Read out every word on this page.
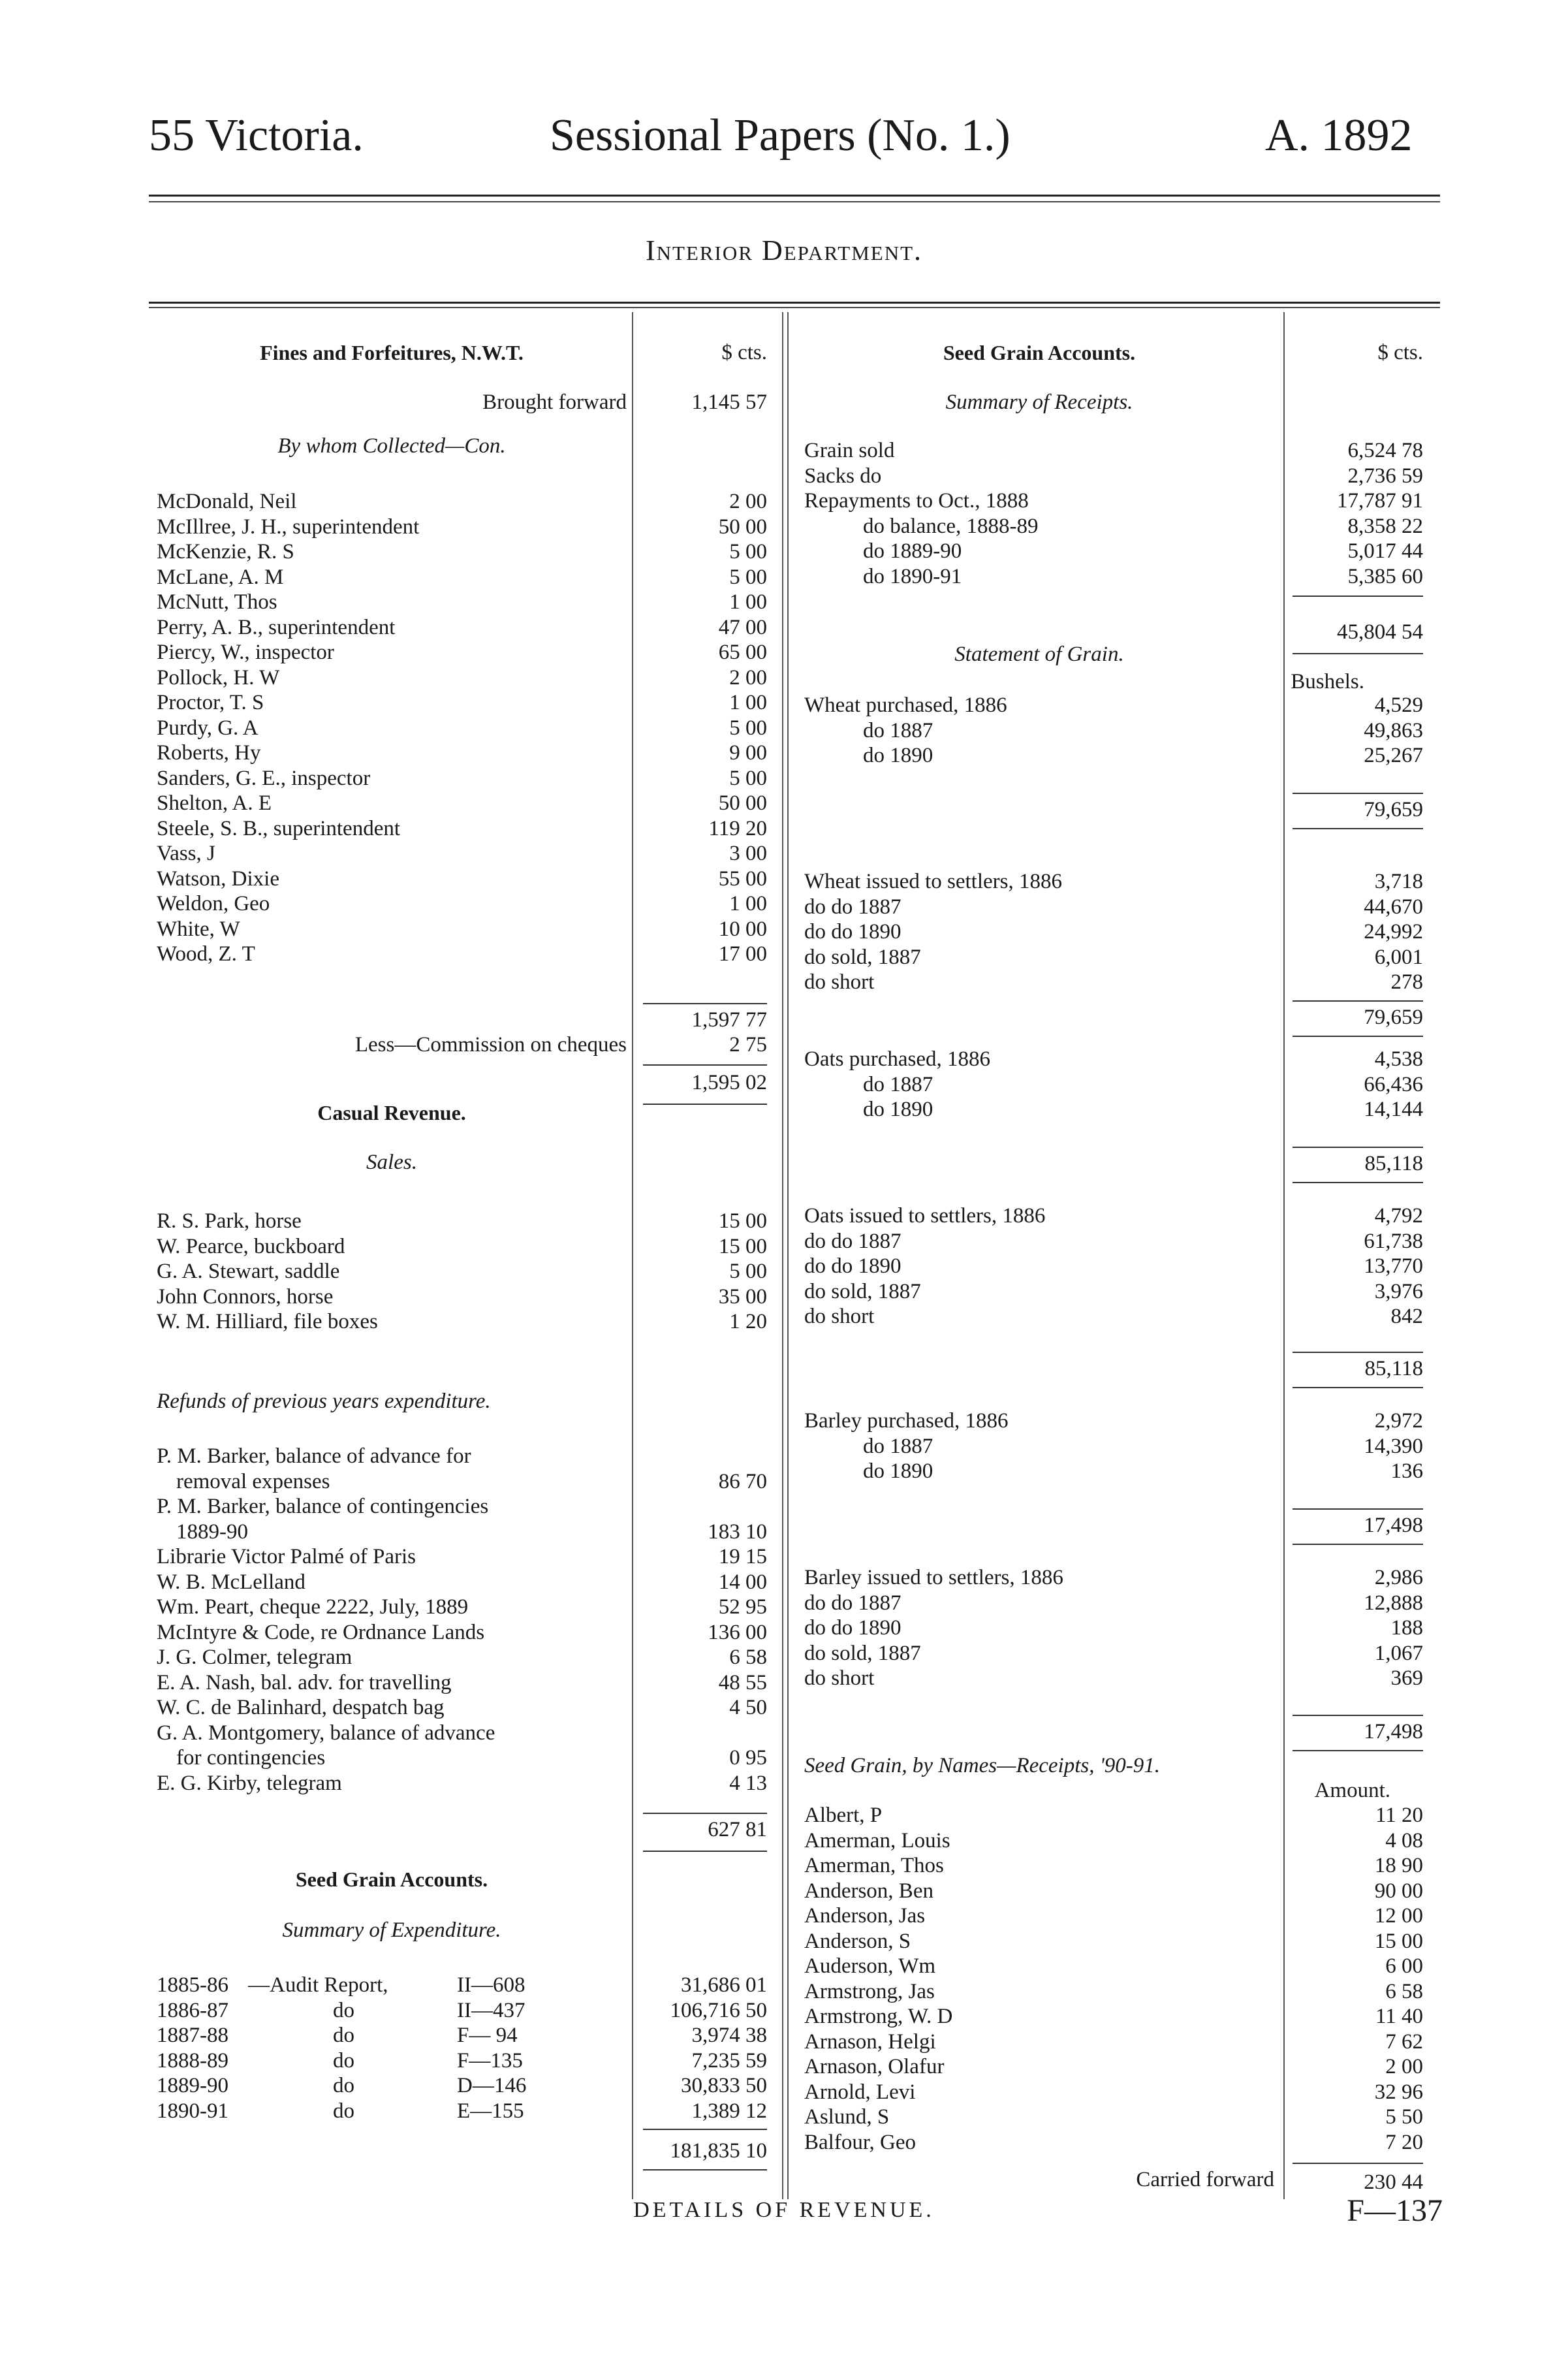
55 Victoria.	Sessional Papers (No. 1.)	A. 1892
Interior Department.
Fines and Forfeitures, N.W.T.	$ cts.
Brought forward	1,145 57
By whom Collected—Con.
McDonald, Neil	2 00
McIllree, J. H., superintendent	50 00
McKenzie, R. S	5 00
McLane, A. M	5 00
McNutt, Thos	1 00
Perry, A. B., superintendent	47 00
Piercy, W., inspector	65 00
Pollock, H. W	2 00
Proctor, T. S	1 00
Purdy, G. A	5 00
Roberts, Hy	9 00
Sanders, G. E., inspector	5 00
Shelton, A. E	50 00
Steele, S. B., superintendent	119 20
Vass, J	3 00
Watson, Dixie	55 00
Weldon, Geo	1 00
White, W	10 00
Wood, Z. T	17 00
1,597 77
Less—Commission on cheques	2 75
1,595 02
Casual Revenue.
Sales.
R. S. Park, horse	15 00
W. Pearce, buckboard	15 00
G. A. Stewart, saddle	5 00
John Connors, horse	35 00
W. M. Hilliard, file boxes	1 20
Refunds of previous years expenditure.
P. M. Barker, balance of advance for
removal expenses	86 70
P. M. Barker, balance of contingencies
1889-90	183 10
Librarie Victor Palmé of Paris	19 15
W. B. McLelland	14 00
Wm. Peart, cheque 2222, July, 1889	52 95
McIntyre & Code, re Ordnance Lands	136 00
J. G. Colmer, telegram	6 58
E. A. Nash, bal. adv. for travelling	48 55
W. C. de Balinhard, despatch bag	4 50
G. A. Montgomery, balance of advance
for contingencies	0 95
E. G. Kirby, telegram	4 13
627 81
Seed Grain Accounts.
Summary of Expenditure.
1885-86 —Audit Report,	II—608	31,686 01
1886-87	do	II—437	106,716 50
1887-88	do	F— 94	3,974 38
1888-89	do	F—135	7,235 59
1889-90	do	D—146	30,833 50
1890-91	do	E—155	1,389 12
181,835 10
Seed Grain Accounts.	$ cts.
Summary of Receipts.
Grain sold	6,524 78
Sacks do	2,736 59
Repayments to Oct., 1888	17,787 91
do balance, 1888-89	8,358 22
do 1889-90	5,017 44
do 1890-91	5,385 60
45,804 54
Statement of Grain.
Bushels.
Wheat purchased, 1886	4,529
do 1887	49,863
do 1890	25,267
79,659
Wheat issued to settlers, 1886	3,718
do do 1887	44,670
do do 1890	24,992
do sold, 1887	6,001
do short	278
79,659
Oats purchased, 1886	4,538
do 1887	66,436
do 1890	14,144
85,118
Oats issued to settlers, 1886	4,792
do do 1887	61,738
do do 1890	13,770
do sold, 1887	3,976
do short	842
85,118
Barley purchased, 1886	2,972
do 1887	14,390
do 1890	136
17,498
Barley issued to settlers, 1886	2,986
do do 1887	12,888
do do 1890	188
do sold, 1887	1,067
do short	369
17,498
Seed Grain, by Names—Receipts, '90-91.
Amount.
Albert, P	11 20
Amerman, Louis	4 08
Amerman, Thos	18 90
Anderson, Ben	90 00
Anderson, Jas	12 00
Anderson, S	15 00
Auderson, Wm	6 00
Armstrong, Jas	6 58
Armstrong, W. D	11 40
Arnason, Helgi	7 62
Arnason, Olafur	2 00
Arnold, Levi	32 96
Aslund, S	5 50
Balfour, Geo	7 20
Carried forward	230 44
DETAILS OF REVENUE.	F—137
